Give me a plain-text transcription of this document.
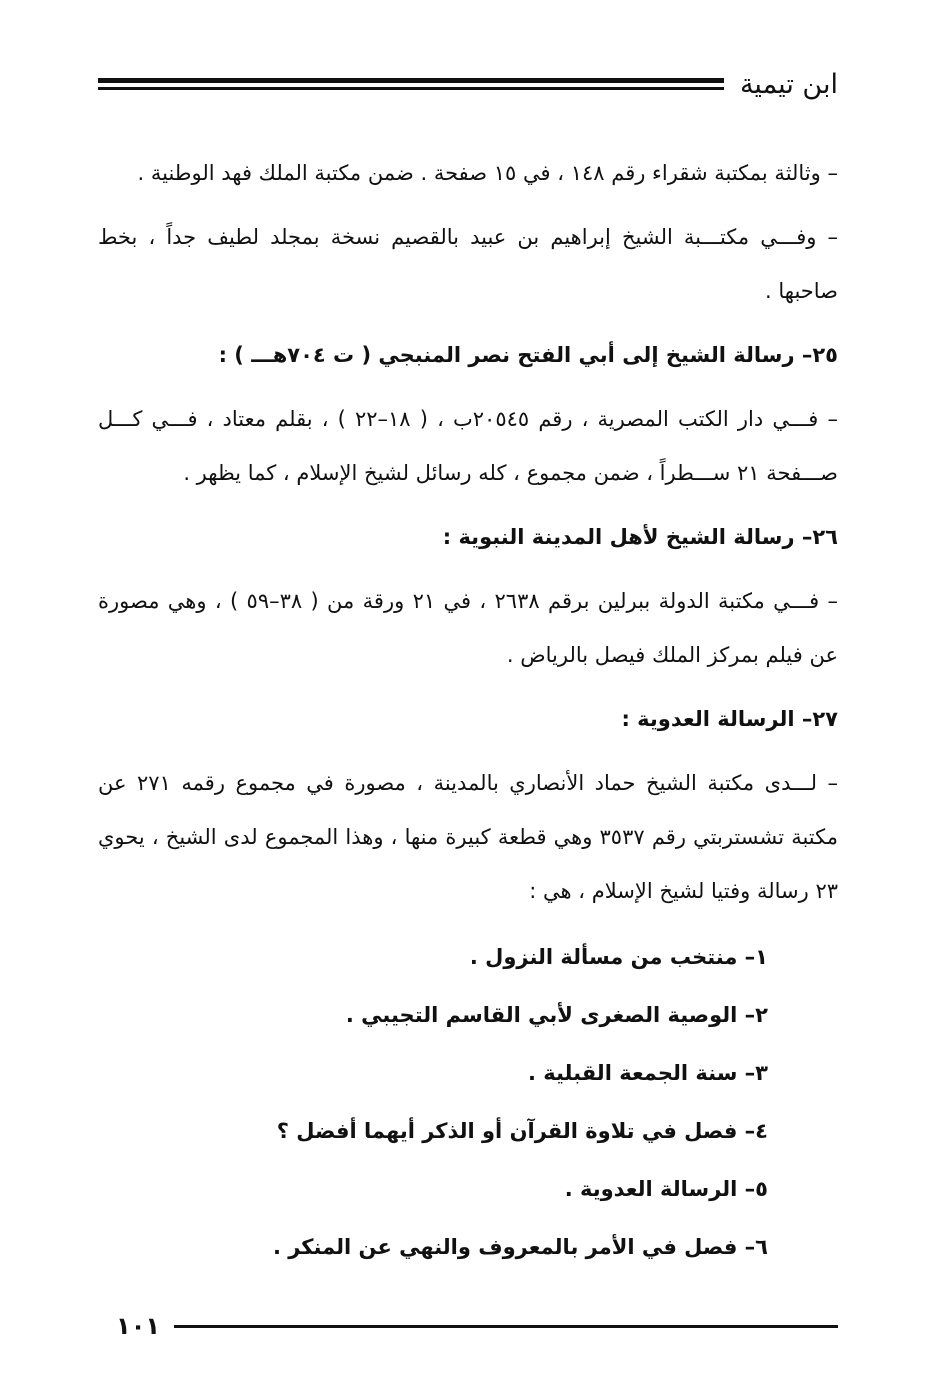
ابن تيمية

– وثالثة بمكتبة شقراء رقم ١٤٨ ، في ١٥ صفحة . ضمن مكتبة الملك فهد الوطنية .

– وفـــي مكتـــبة الشيخ إبراهيم بن عبيد بالقصيم نسخة بمجلد لطيف جداً ، بخط صاحبها .

٢٥– رسالة الشيخ إلى أبي الفتح نصر المنبجي ( ت ٧٠٤هـــ ) :

– فـــي دار الكتب المصرية ، رقم ٢٠٥٤٥ب ، ( ١٨–٢٢ ) ، بقلم معتاد ، فـــي كـــل صـــفحة ٢١ ســـطراً ، ضمن مجموع ، كله رسائل لشيخ الإسلام ، كما يظهر .

٢٦– رسالة الشيخ لأهل المدينة النبوية :

– فـــي مكتبة الدولة ببرلين برقم ٢٦٣٨ ، في ٢١ ورقة من ( ٣٨–٥٩ ) ، وهي مصورة عن فيلم بمركز الملك فيصل بالرياض .

٢٧– الرسالة العدوية :

– لـــدى مكتبة الشيخ حماد الأنصاري بالمدينة ، مصورة في مجموع رقمه ٢٧١ عن مكتبة تشستربتي رقم ٣٥٣٧ وهي قطعة كبيرة منها ، وهذا المجموع لدى الشيخ ، يحوي ٢٣ رسالة وفتيا لشيخ الإسلام ، هي :

١– منتخب من مسألة النزول .

٢– الوصية الصغرى لأبي القاسم التجيبي .

٣– سنة الجمعة القبلية .

٤– فصل في تلاوة القرآن أو الذكر أيهما أفضل ؟

٥– الرسالة العدوية .

٦– فصل في الأمر بالمعروف والنهي عن المنكر .

١٠١
